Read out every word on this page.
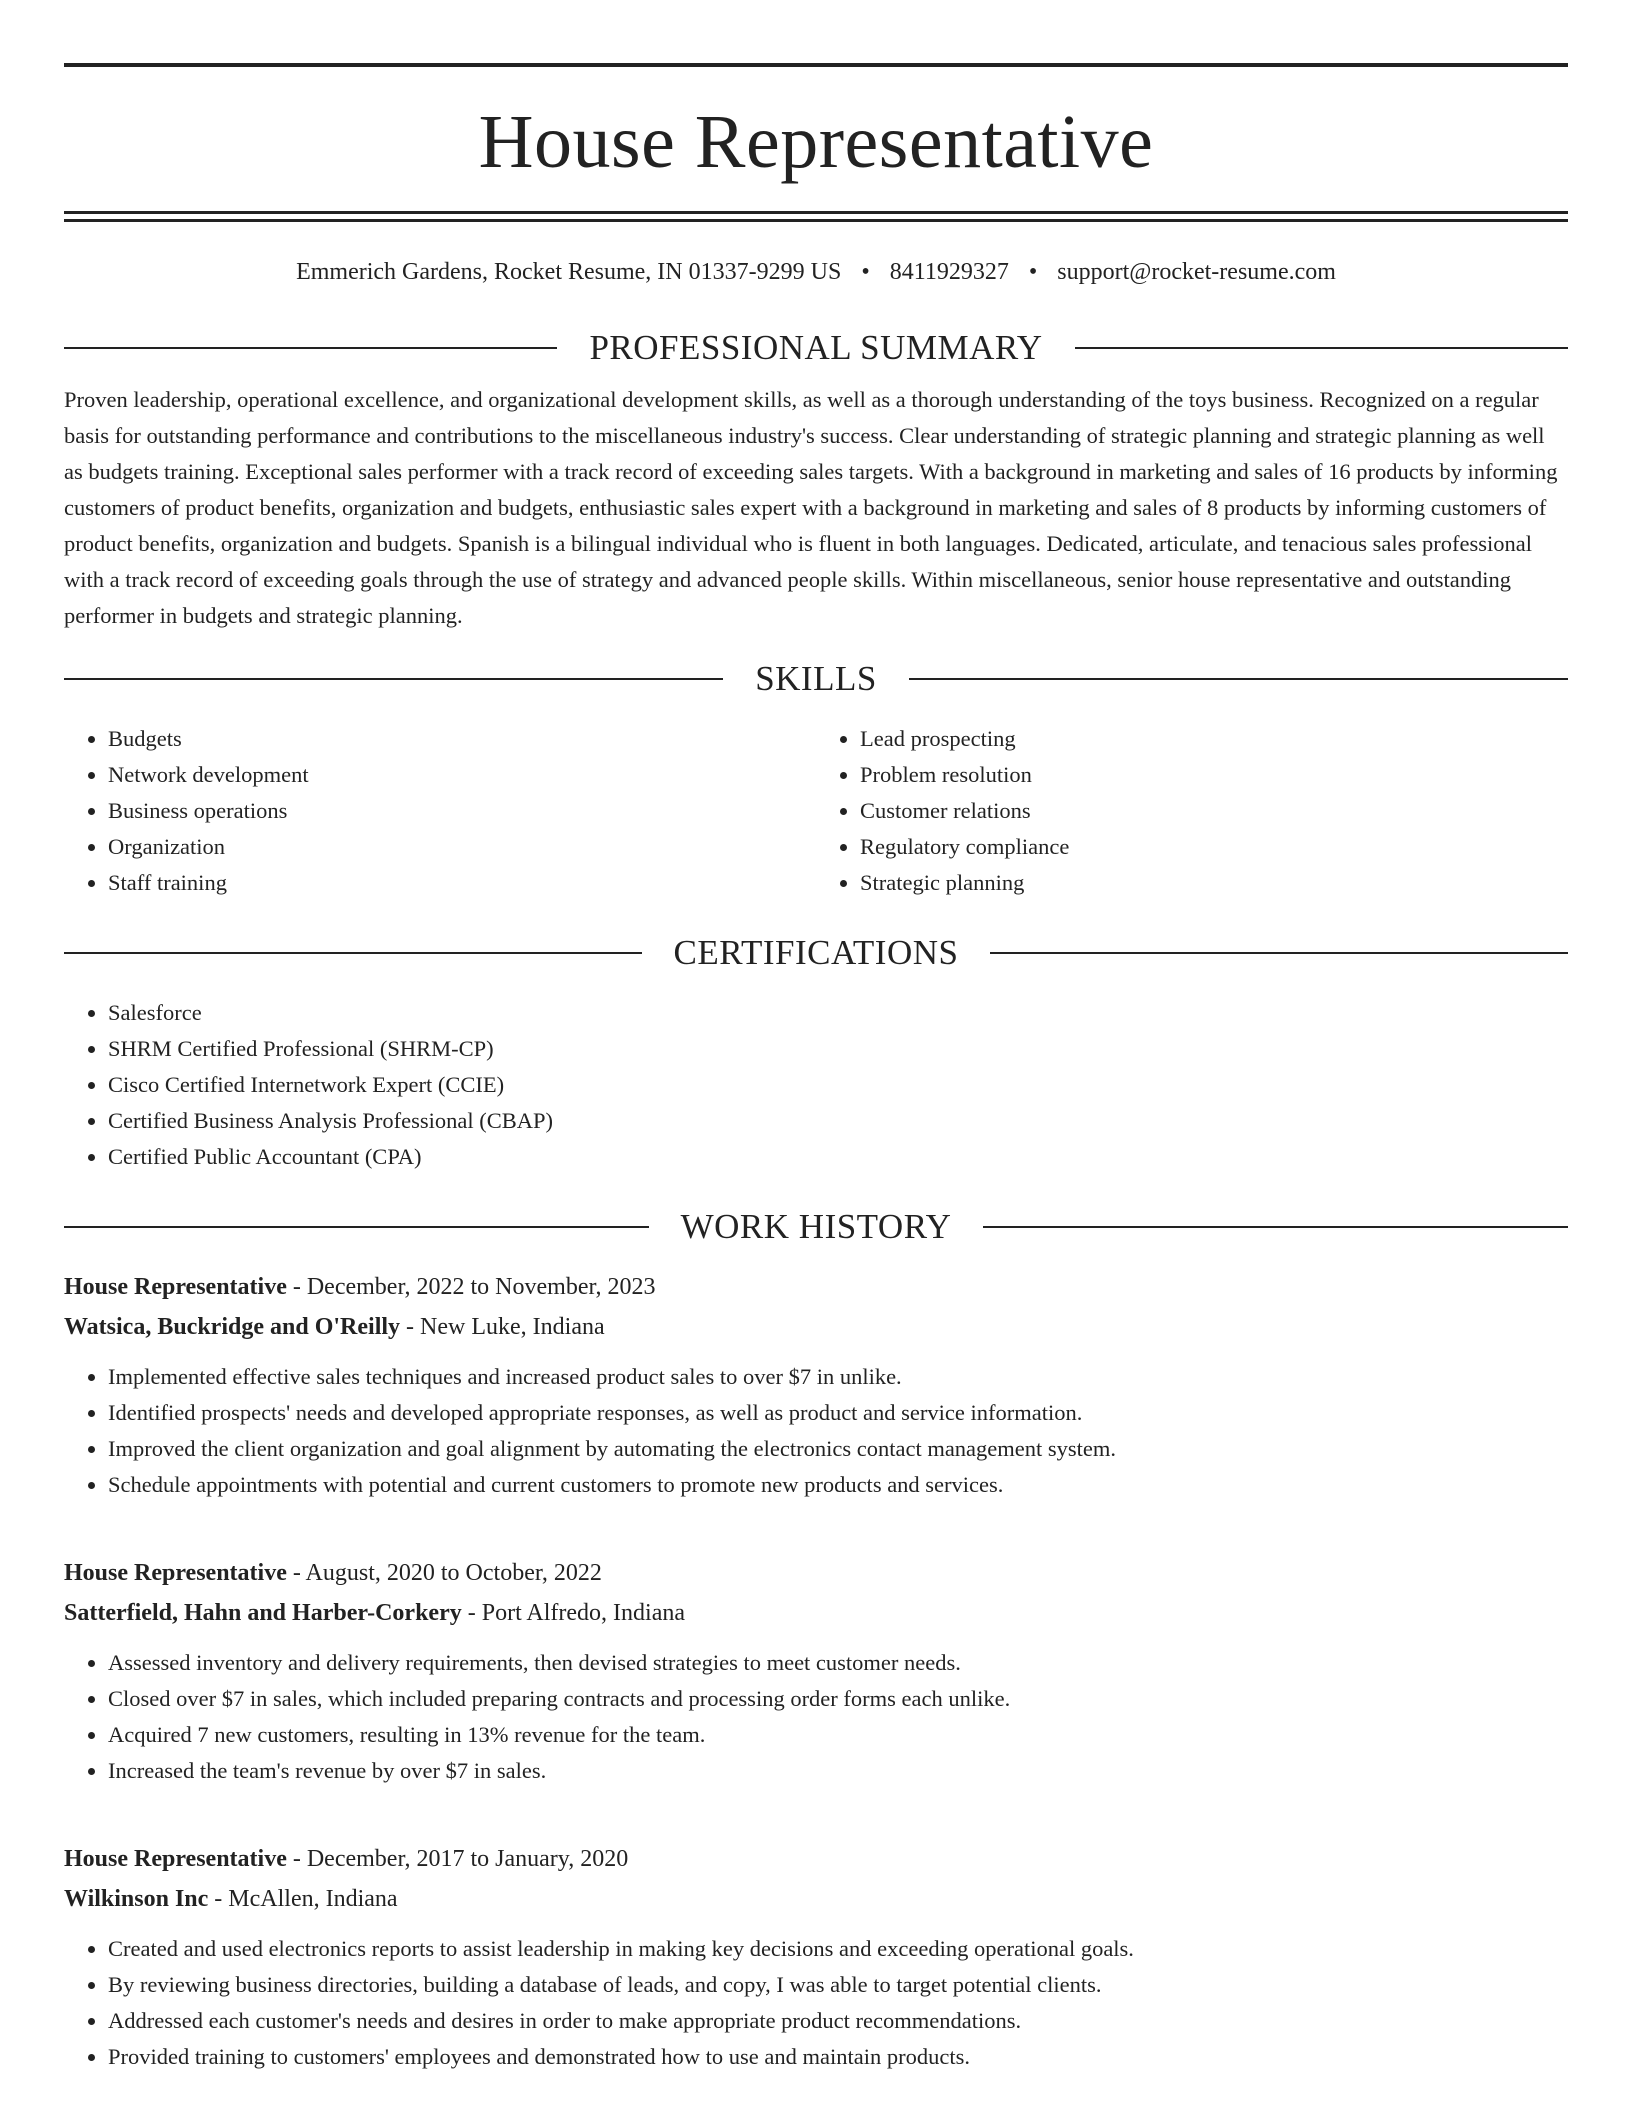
House Representative
Emmerich Gardens, Rocket Resume, IN 01337-9299 US • 8411929327 • support@rocket-resume.com
PROFESSIONAL SUMMARY

Proven leadership, operational excellence, and organizational development skills, as well as a thorough understanding of the toys business. Recognized on a regular basis for outstanding performance and contributions to the miscellaneous industry's success. Clear understanding of strategic planning and strategic planning as well as budgets training. Exceptional sales performer with a track record of exceeding sales targets. With a background in marketing and sales of 16 products by informing customers of product benefits, organization and budgets, enthusiastic sales expert with a background in marketing and sales of 8 products by informing customers of product benefits, organization and budgets. Spanish is a bilingual individual who is fluent in both languages. Dedicated, articulate, and tenacious sales professional with a track record of exceeding goals through the use of strategy and advanced people skills. Within miscellaneous, senior house representative and outstanding performer in budgets and strategic planning.

SKILLS
• Budgets
• Network development
• Business operations
• Organization
• Staff training
• Lead prospecting
• Problem resolution
• Customer relations
• Regulatory compliance
• Strategic planning
CERTIFICATIONS
• Salesforce
• SHRM Certified Professional (SHRM-CP)
• Cisco Certified Internetwork Expert (CCIE)
• Certified Business Analysis Professional (CBAP)
• Certified Public Accountant (CPA)
WORK HISTORY
House Representative - December, 2022 to November, 2023
Watsica, Buckridge and O'Reilly - New Luke, Indiana
• Implemented effective sales techniques and increased product sales to over $7 in unlike.
• Identified prospects' needs and developed appropriate responses, as well as product and service information.
• Improved the client organization and goal alignment by automating the electronics contact management system.
• Schedule appointments with potential and current customers to promote new products and services.
House Representative - August, 2020 to October, 2022
Satterfield, Hahn and Harber-Corkery - Port Alfredo, Indiana
• Assessed inventory and delivery requirements, then devised strategies to meet customer needs.
• Closed over $7 in sales, which included preparing contracts and processing order forms each unlike.
• Acquired 7 new customers, resulting in 13% revenue for the team.
• Increased the team's revenue by over $7 in sales.
House Representative - December, 2017 to January, 2020
Wilkinson Inc - McAllen, Indiana
• Created and used electronics reports to assist leadership in making key decisions and exceeding operational goals.
• By reviewing business directories, building a database of leads, and copy, I was able to target potential clients.
• Addressed each customer's needs and desires in order to make appropriate product recommendations.
• Provided training to customers' employees and demonstrated how to use and maintain products.
